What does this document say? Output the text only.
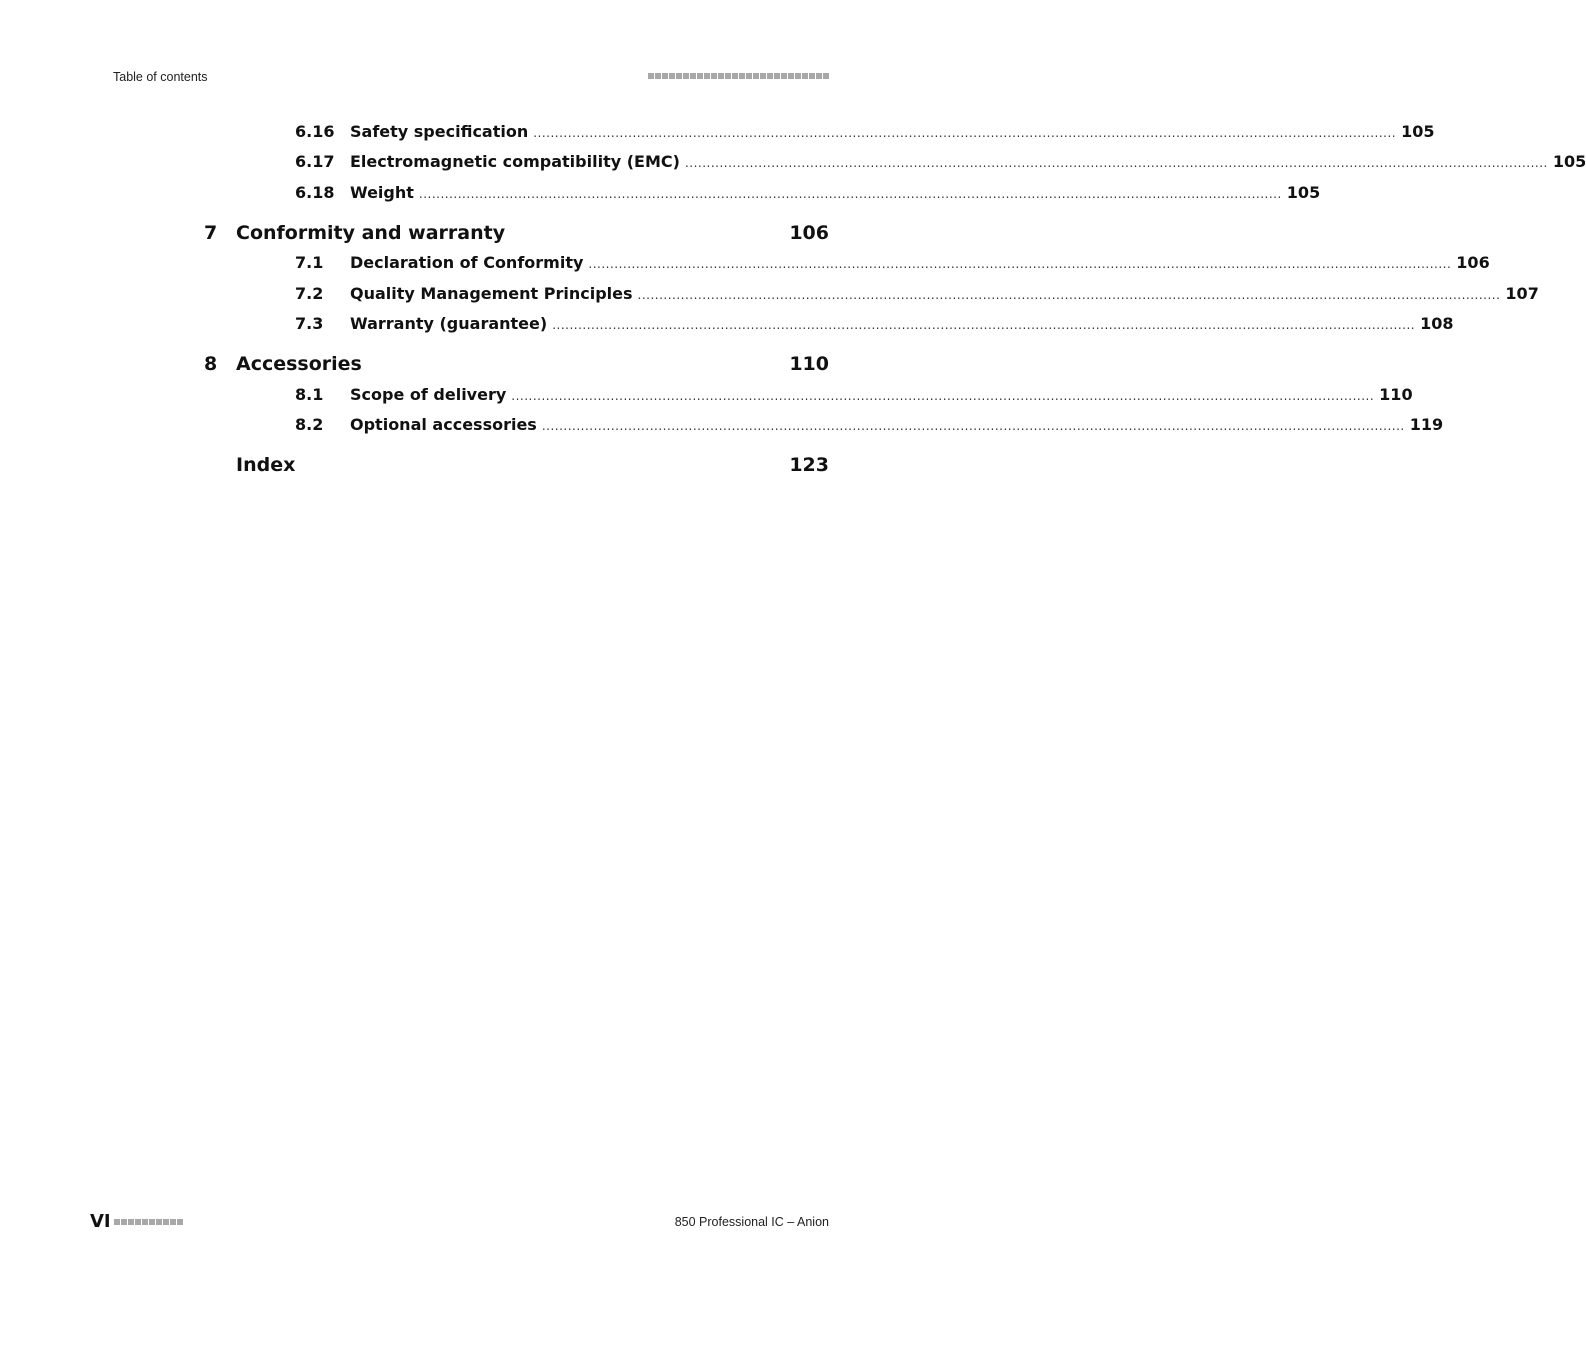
Table of contents
6.16 Safety specification ........................................................................................................................................................................................................ 105
6.17 Electromagnetic compatibility (EMC) ........................................................................................................................................................................................................ 105
6.18 Weight ........................................................................................................................................................................................................ 105
7 Conformity and warranty	106
7.1 Declaration of Conformity ........................................................................................................................................................................................................ 106
7.2 Quality Management Principles ........................................................................................................................................................................................................ 107
7.3 Warranty (guarantee) ........................................................................................................................................................................................................ 108
8 Accessories	110
8.1 Scope of delivery ........................................................................................................................................................................................................ 110
8.2 Optional accessories ........................................................................................................................................................................................................ 119
Index	123
VI	850 Professional IC – Anion
